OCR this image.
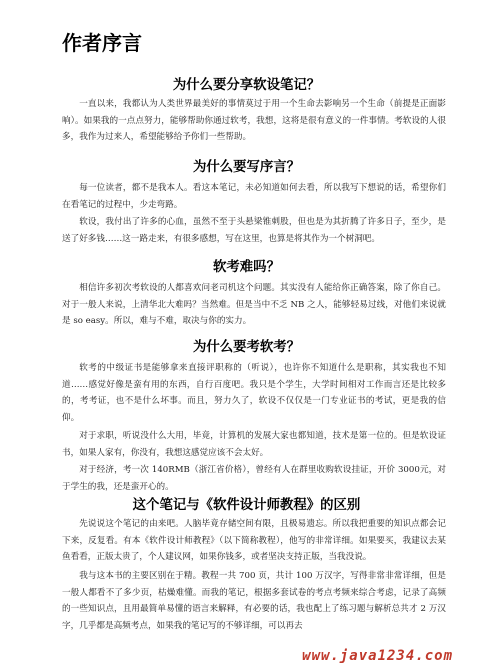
作者序言
为什么要分享软设笔记？

一直以来，我都认为人类世界最美好的事情莫过于用一个生命去影响另一个生命（前提是正面影响）。如果我的一点点努力，能够帮助你通过软考，我想，这将是很有意义的一件事情。考软设的人很多，我作为过来人，希望能够给予你们一些帮助。

为什么要写序言？

每一位读者，都不是我本人。看这本笔记，未必知道如何去看，所以我写下想说的话，希望你们在看笔记的过程中，少走弯路。

软设，我付出了许多的心血，虽然不至于头悬梁锥刺股，但也是为其折腾了许多日子，至少，是送了好多钱……这一路走来，有很多感想，写在这里，也算是将其作为一个树洞吧。

软考难吗？

相信许多初次考软设的人都喜欢问老司机这个问题。其实没有人能给你正确答案，除了你自己。对于一般人来说，上清华北大难吗？当然难。但是当中不乏 NB 之人，能够轻易过线，对他们来说就是 so easy。所以，难与不难，取决与你的实力。

为什么要考软考？

软考的中级证书是能够拿来直接评职称的（听说），也许你不知道什么是职称，其实我也不知道……感觉好像是蛮有用的东西，自行百度吧。我只是个学生，大学时间相对工作而言还是比较多的，考考证，也不是什么坏事。而且，努力久了，软设不仅仅是一门专业证书的考试，更是我的信仰。

对于求职，听说没什么大用，毕竟，计算机的发展大家也都知道，技术是第一位的。但是软设证书，如果人家有，你没有，我想这感觉应该不会太好。

对于经济，考一次 140RMB（浙江省价格），曾经有人在群里收购软设挂证，开价 3000元，对于学生的我，还是蛮开心的。

这个笔记与《软件设计师教程》的区别

先说说这个笔记的由来吧。人脑毕竟存储空间有限，且极易遗忘。所以我把重要的知识点都会记下来，反复看。有本《软件设计师教程》（以下简称教程），他写的非常详细。如果要买，我建议去某鱼看看，正版太贵了，个人建议网，如果你钱多，或者坚决支持正版，当我没说。

我与这本书的主要区别在于精。教程一共 700 页，共计 100 万汉字，写得非常非常详细，但是一般人都看不了多少页，枯燥难懂。而我的笔记，根据多套试卷的考点考频来综合考虑，记录了高频的一些知识点，且用最简单易懂的语言来解释，有必要的话，我也配上了练习题与解析总共才 2 万汉字，几乎都是高频考点，如果我的笔记写的不够详细，可以再去

www.java1234.com
